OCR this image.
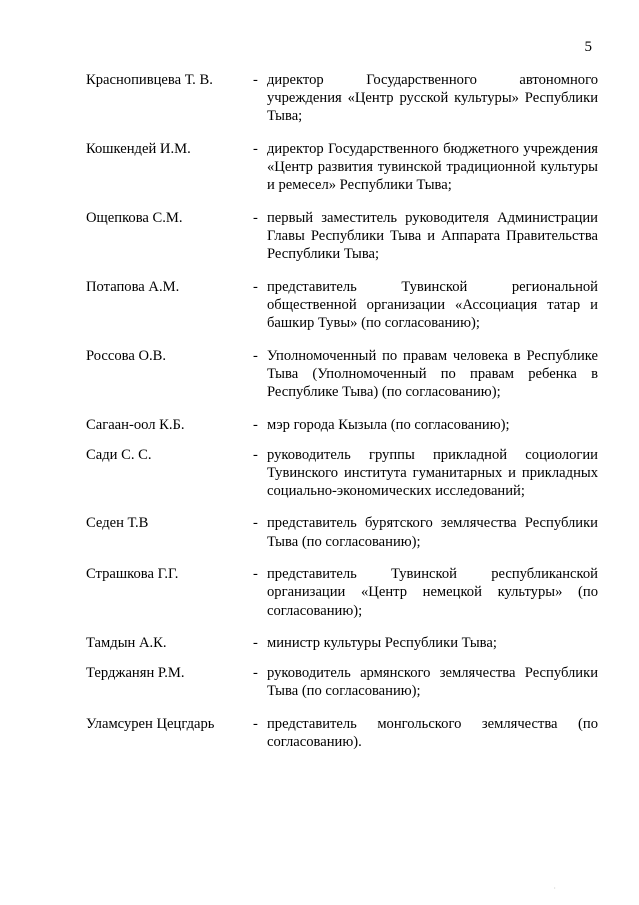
5
Краснопивцева Т. В.	- директор Государственного автономного учреждения «Центр русской культуры» Республики Тыва;
Кошкендей И.М.	- директор Государственного бюджетного учреждения «Центр развития тувинской традиционной культуры и ремесел» Республики Тыва;
Ощепкова С.М.	- первый заместитель руководителя Администрации Главы Республики Тыва и Аппарата Правительства Республики Тыва;
Потапова А.М.	- представитель Тувинской региональной общественной организации «Ассоциация татар и башкир Тувы» (по согласованию);
Россова О.В.	- Уполномоченный по правам человека в Республике Тыва (Уполномоченный по правам ребенка в Республике Тыва) (по согласованию);
Сагаан-оол К.Б.	- мэр города Кызыла (по согласованию);
Сади С. С.	- руководитель группы прикладной социологии Тувинского института гуманитарных и прикладных социально-экономических исследований;
Седен Т.В	- представитель бурятского землячества Республики Тыва (по согласованию);
Страшкова Г.Г.	- представитель Тувинской республиканской организации «Центр немецкой культуры» (по согласованию);
Тамдын А.К.	- министр культуры Республики Тыва;
Терджанян Р.М.	- руководитель армянского землячества Республики Тыва (по согласованию);
Уламсурен Цецгдарь	- представитель монгольского землячества (по согласованию).
·
